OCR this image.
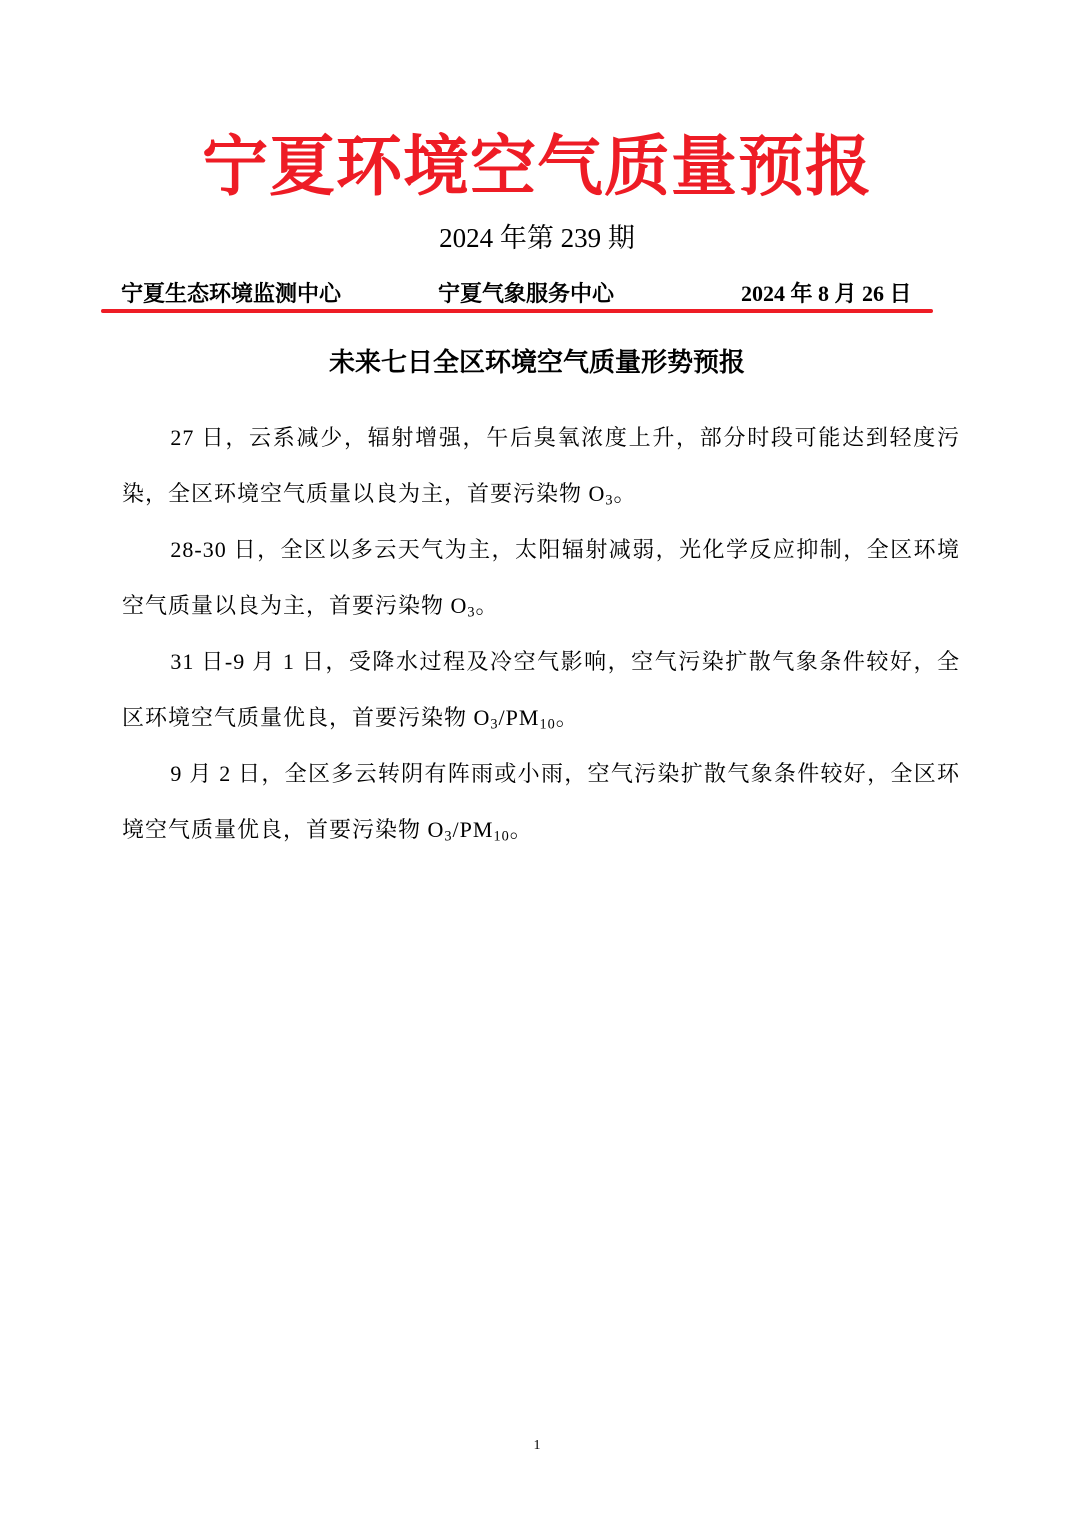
宁夏环境空气质量预报
2024 年第 239 期
宁夏生态环境监测中心	宁夏气象服务中心	2024 年 8 月 26 日
未来七日全区环境空气质量形势预报

27 日，云系减少，辐射增强，午后臭氧浓度上升，部分时段可能达到轻度污染，全区环境空气质量以良为主，首要污染物 $O_3$。

28-30 日，全区以多云天气为主，太阳辐射减弱，光化学反应抑制，全区环境空气质量以良为主，首要污染物 $O_3$。

31 日-9 月 1 日，受降水过程及冷空气影响，空气污染扩散气象条件较好，全区环境空气质量优良，首要污染物 $O_3/PM_{10}$。

9 月 2 日，全区多云转阴有阵雨或小雨，空气污染扩散气象条件较好，全区环境空气质量优良，首要污染物 $O_3/PM_{10}$。

1
